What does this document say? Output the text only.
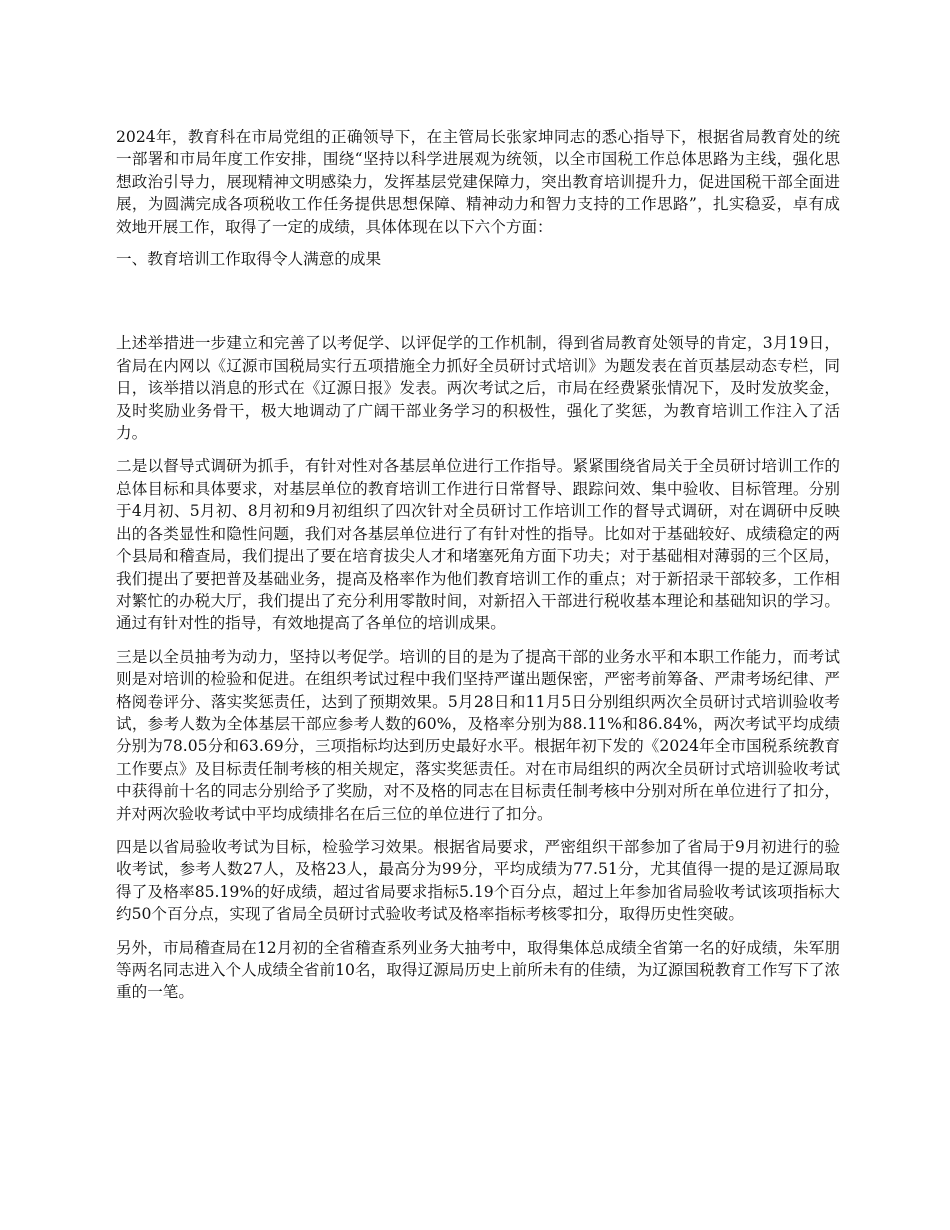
2024年，教育科在市局党组的正确领导下，在主管局长张家坤同志的悉心指导下，根据省局教育处的统一部署和市局年度工作安排，围绕“坚持以科学进展观为统领，以全市国税工作总体思路为主线，强化思想政治引导力，展现精神文明感染力，发挥基层党建保障力，突出教育培训提升力，促进国税干部全面进展，为圆满完成各项税收工作任务提供思想保障、精神动力和智力支持的工作思路”，扎实稳妥，卓有成效地开展工作，取得了一定的成绩，具体体现在以下六个方面：

一、教育培训工作取得令人满意的成果

上述举措进一步建立和完善了以考促学、以评促学的工作机制，得到省局教育处领导的肯定，3月19日，省局在内网以《辽源市国税局实行五项措施全力抓好全员研讨式培训》为题发表在首页基层动态专栏，同日，该举措以消息的形式在《辽源日报》发表。两次考试之后，市局在经费紧张情况下，及时发放奖金，及时奖励业务骨干，极大地调动了广阔干部业务学习的积极性，强化了奖惩，为教育培训工作注入了活力。

二是以督导式调研为抓手，有针对性对各基层单位进行工作指导。紧紧围绕省局关于全员研讨培训工作的总体目标和具体要求，对基层单位的教育培训工作进行日常督导、跟踪问效、集中验收、目标管理。分别于4月初、5月初、8月初和9月初组织了四次针对全员研讨工作培训工作的督导式调研，对在调研中反映出的各类显性和隐性问题，我们对各基层单位进行了有针对性的指导。比如对于基础较好、成绩稳定的两个县局和稽查局，我们提出了要在培育拔尖人才和堵塞死角方面下功夫；对于基础相对薄弱的三个区局，我们提出了要把普及基础业务，提高及格率作为他们教育培训工作的重点；对于新招录干部较多，工作相对繁忙的办税大厅，我们提出了充分利用零散时间，对新招入干部进行税收基本理论和基础知识的学习。通过有针对性的指导，有效地提高了各单位的培训成果。

三是以全员抽考为动力，坚持以考促学。培训的目的是为了提高干部的业务水平和本职工作能力，而考试则是对培训的检验和促进。在组织考试过程中我们坚持严谨出题保密，严密考前筹备、严肃考场纪律、严格阅卷评分、落实奖惩责任，达到了预期效果。5月28日和11月5日分别组织两次全员研讨式培训验收考试，参考人数为全体基层干部应参考人数的60%，及格率分别为88.11%和86.84%，两次考试平均成绩分别为78.05分和63.69分，三项指标均达到历史最好水平。根据年初下发的《2024年全市国税系统教育工作要点》及目标责任制考核的相关规定，落实奖惩责任。对在市局组织的两次全员研讨式培训验收考试中获得前十名的同志分别给予了奖励，对不及格的同志在目标责任制考核中分别对所在单位进行了扣分，并对两次验收考试中平均成绩排名在后三位的单位进行了扣分。

四是以省局验收考试为目标，检验学习效果。根据省局要求，严密组织干部参加了省局于9月初进行的验收考试，参考人数27人，及格23人，最高分为99分，平均成绩为77.51分，尤其值得一提的是辽源局取得了及格率85.19%的好成绩，超过省局要求指标5.19个百分点，超过上年参加省局验收考试该项指标大约50个百分点，实现了省局全员研讨式验收考试及格率指标考核零扣分，取得历史性突破。

另外，市局稽查局在12月初的全省稽查系列业务大抽考中，取得集体总成绩全省第一名的好成绩，朱军朋等两名同志进入个人成绩全省前10名，取得辽源局历史上前所未有的佳绩，为辽源国税教育工作写下了浓重的一笔。
